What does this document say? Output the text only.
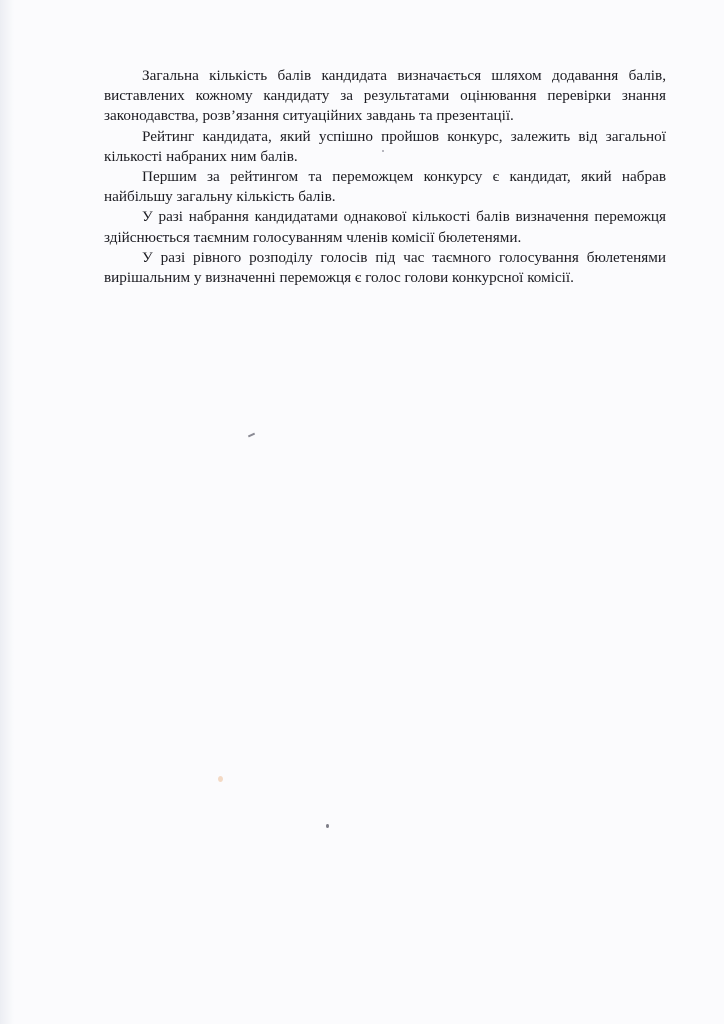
Загальна кількість балів кандидата визначається шляхом додавання балів, виставлених кожному кандидату за результатами оцінювання перевірки знання законодавства, розв’язання ситуаційних завдань та презентації.

Рейтинг кандидата, який успішно пройшов конкурс, залежить від загальної кількості набраних ним балів.

Першим за рейтингом та переможцем конкурсу є кандидат, який набрав найбільшу загальну кількість балів.

У разі набрання кандидатами однакової кількості балів визначення переможця здійснюється таємним голосуванням членів комісії бюлетенями.

У разі рівного розподілу голосів під час таємного голосування бюлетенями вирішальним у визначенні переможця є голос голови конкурсної комісії.
